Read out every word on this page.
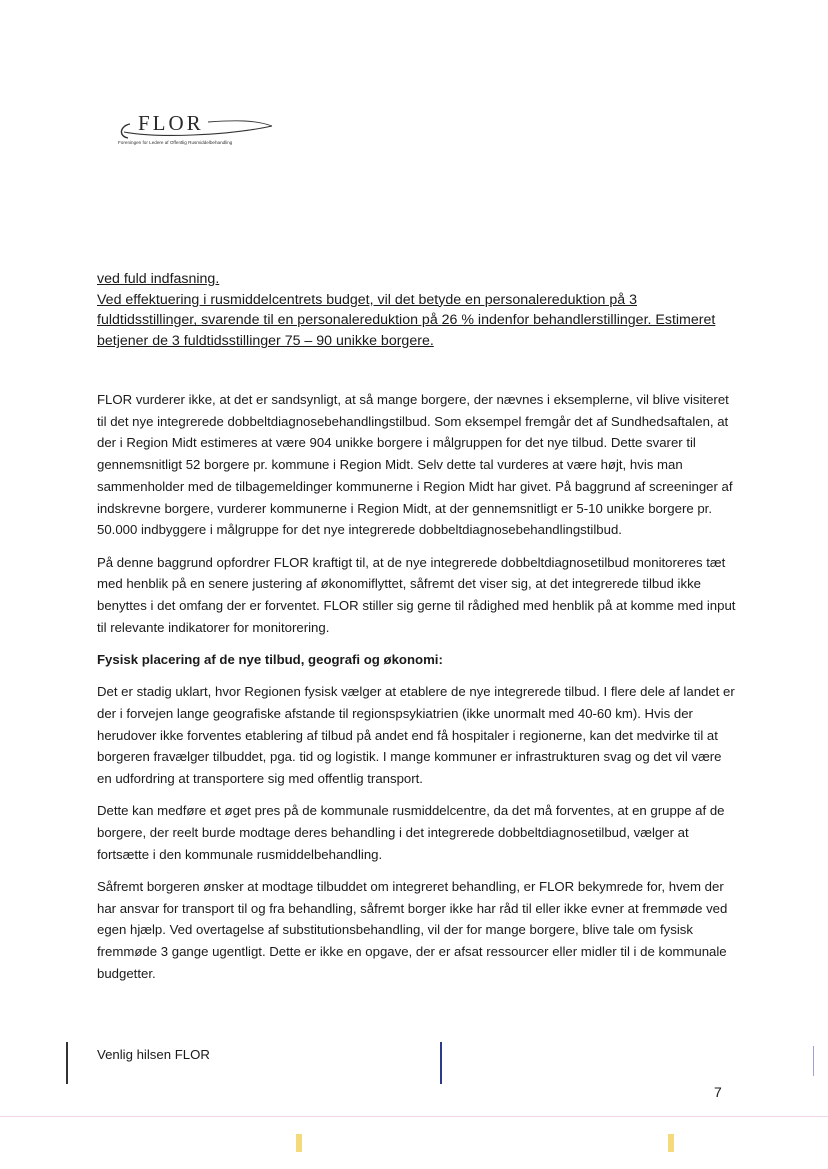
FLOR
Foreningen for Ledere af Offentlig Rusmiddelbehandling
ved fuld indfasning.
Ved effektuering i rusmiddelcentrets budget, vil det betyde en personalereduktion på 3
fuldtidsstillinger, svarende til en personalereduktion på 26 % indenfor behandlerstillinger. Estimeret
betjener de 3 fuldtidsstillinger 75 – 90 unikke borgere.

FLOR vurderer ikke, at det er sandsynligt, at så mange borgere, der nævnes i eksemplerne, vil blive visiteret til det nye integrerede dobbeltdiagnosebehandlingstilbud. Som eksempel fremgår det af Sundhedsaftalen, at der i Region Midt estimeres at være 904 unikke borgere i målgruppen for det nye tilbud. Dette svarer til gennemsnitligt 52 borgere pr. kommune i Region Midt. Selv dette tal vurderes at være højt, hvis man sammenholder med de tilbagemeldinger kommunerne i Region Midt har givet. På baggrund af screeninger af indskrevne borgere, vurderer kommunerne i Region Midt, at der gennemsnitligt er 5-10 unikke borgere pr. 50.000 indbyggere i målgruppe for det nye integrerede dobbeltdiagnosebehandlingstilbud.

På denne baggrund opfordrer FLOR kraftigt til, at de nye integrerede dobbeltdiagnosetilbud monitoreres tæt med henblik på en senere justering af økonomiflyttet, såfremt det viser sig, at det integrerede tilbud ikke benyttes i det omfang der er forventet. FLOR stiller sig gerne til rådighed med henblik på at komme med input til relevante indikatorer for monitorering.

Fysisk placering af de nye tilbud, geografi og økonomi:

Det er stadig uklart, hvor Regionen fysisk vælger at etablere de nye integrerede tilbud. I flere dele af landet er der i forvejen lange geografiske afstande til regionspsykiatrien (ikke unormalt med 40-60 km). Hvis der herudover ikke forventes etablering af tilbud på andet end få hospitaler i regionerne, kan det medvirke til at borgeren fravælger tilbuddet, pga. tid og logistik. I mange kommuner er infrastrukturen svag og det vil være en udfordring at transportere sig med offentlig transport.

Dette kan medføre et øget pres på de kommunale rusmiddelcentre, da det må forventes, at en gruppe af de borgere, der reelt burde modtage deres behandling i det integrerede dobbeltdiagnosetilbud, vælger at fortsætte i den kommunale rusmiddelbehandling.

Såfremt borgeren ønsker at modtage tilbuddet om integreret behandling, er FLOR bekymrede for, hvem der har ansvar for transport til og fra behandling, såfremt borger ikke har råd til eller ikke evner at fremmøde ved egen hjælp. Ved overtagelse af substitutionsbehandling, vil der for mange borgere, blive tale om fysisk fremmøde 3 gange ugentligt. Dette er ikke en opgave, der er afsat ressourcer eller midler til i de kommunale budgetter.

Venlig hilsen FLOR
7
